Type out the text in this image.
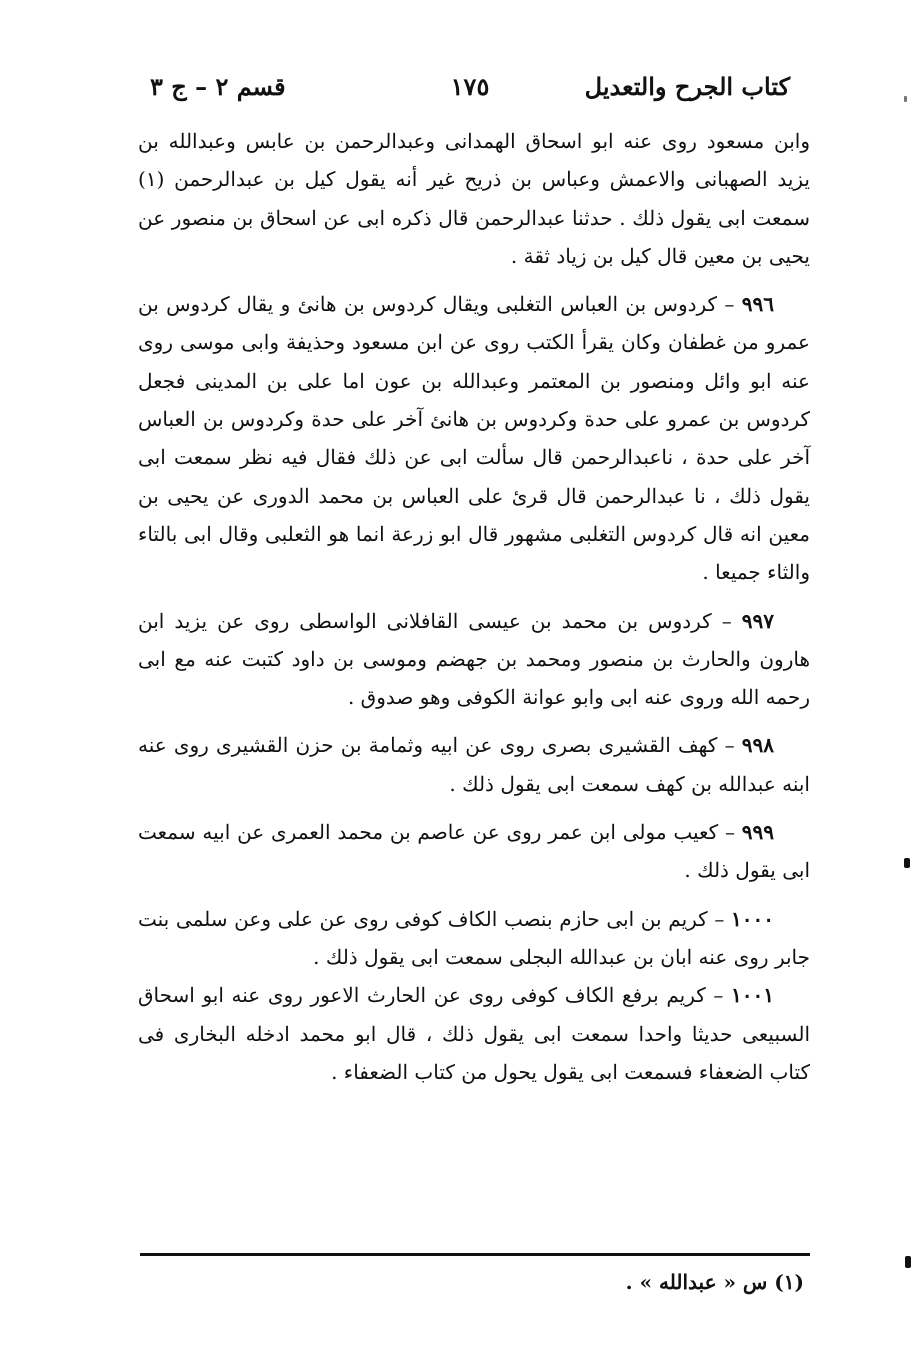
كتاب الجرح والتعديل
١٧٥
قسم ٢ – ج ٣

وابن مسعود روى عنه ابو اسحاق الهمدانى وعبدالرحمن بن عابس وعبدالله بن يزيد الصهبانى والاعمش وعباس بن ذريح غير أنه يقول كيل بن عبدالرحمن (١) سمعت ابى يقول ذلك . حدثنا عبدالرحمن قال ذكره ابى عن اسحاق بن منصور عن يحيى بن معين قال كيل بن زياد ثقة .

٩٩٦ – كردوس بن العباس التغلبى ويقال كردوس بن هانئ و يقال كردوس بن عمرو من غطفان وكان يقرأ الكتب روى عن ابن مسعود وحذيفة وابى موسى روى عنه ابو وائل ومنصور بن المعتمر وعبدالله بن عون اما على بن المدينى فجعل كردوس بن عمرو على حدة وكردوس بن هانئ آخر على حدة وكردوس بن العباس آخر على حدة ، ناعبدالرحمن قال سألت ابى عن ذلك فقال فيه نظر سمعت ابى يقول ذلك ، نا عبدالرحمن قال قرئ على العباس بن محمد الدورى عن يحيى بن معين انه قال كردوس التغلبى مشهور قال ابو زرعة انما هو الثعلبى وقال ابى بالتاء والثاء جميعا .

٩٩٧ – كردوس بن محمد بن عيسى القافلانى الواسطى روى عن يزيد ابن هارون والحارث بن منصور ومحمد بن جهضم وموسى بن داود كتبت عنه مع ابى رحمه الله وروى عنه ابى وابو عوانة الكوفى وهو صدوق .

٩٩٨ – كهف القشيرى بصرى روى عن ابيه وثمامة بن حزن القشيرى روى عنه ابنه عبدالله بن كهف سمعت ابى يقول ذلك .

٩٩٩ – كعيب مولى ابن عمر روى عن عاصم بن محمد العمرى عن ابيه سمعت ابى يقول ذلك .

١٠٠٠ – كريم بن ابى حازم بنصب الكاف كوفى روى عن على وعن سلمى بنت جابر روى عنه ابان بن عبدالله البجلى سمعت ابى يقول ذلك .

١٠٠١ – كريم برفع الكاف كوفى روى عن الحارث الاعور روى عنه ابو اسحاق السبيعى حديثا واحدا سمعت ابى يقول ذلك ، قال ابو محمد ادخله البخارى فى كتاب الضعفاء فسمعت ابى يقول يحول من كتاب الضعفاء .

(١) س « عبدالله » .
